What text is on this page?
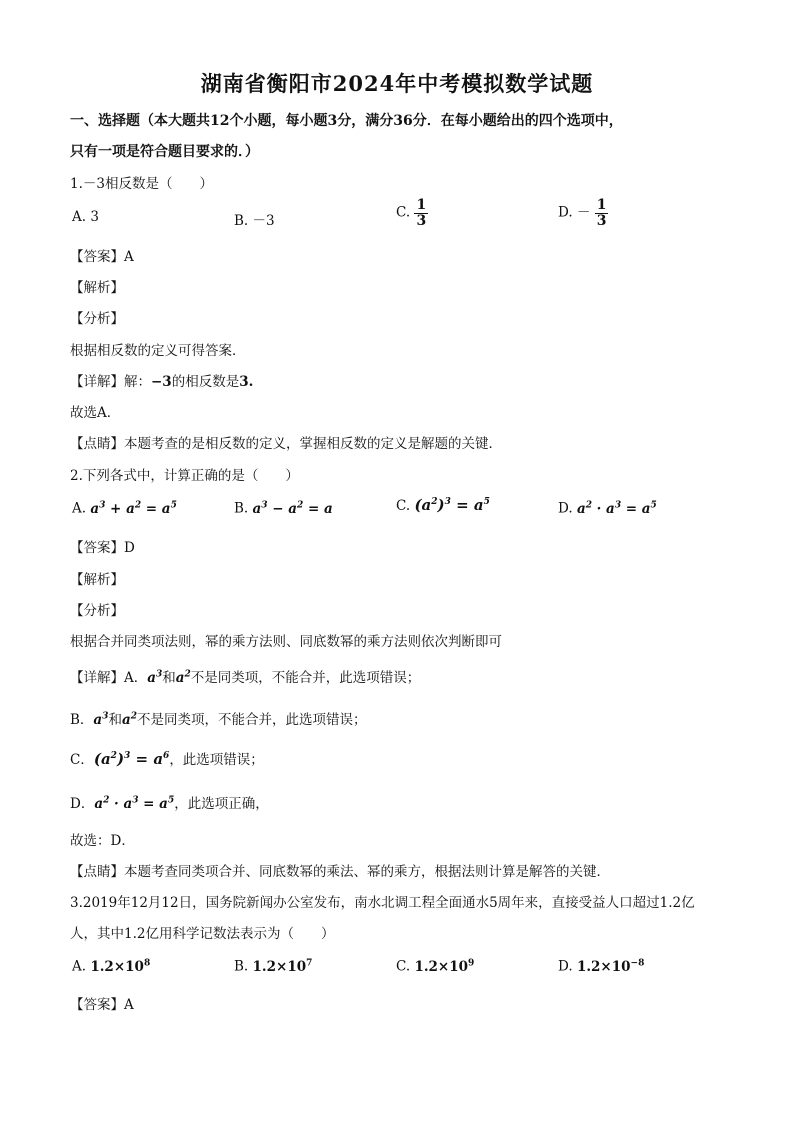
湖南省衡阳市2024年中考模拟数学试题
一、选择题（本大题共12个小题，每小题3分，满分36分．在每小题给出的四个选项中，
只有一项是符合题目要求的．）
1.－3相反数是（　　）
A. 3	B. －3
C. $\frac{1}{3}$	D. － $\frac{1}{3}$
【答案】A
【解析】
【分析】
根据相反数的定义可得答案．
【详解】解：−3的相反数是3.
故选A．
【点睛】本题考查的是相反数的定义，掌握相反数的定义是解题的关键．
2.下列各式中，计算正确的是（　　）
A. $a^3 + a^2 = a^5$	B. $a^3 - a^2 = a$	C. $(a^2)^3 = a^5$	D. $a^2 \cdot a^3 = a^5$
【答案】D
【解析】
【分析】
根据合并同类项法则，幂的乘方法则、同底数幂的乘方法则依次判断即可
【详解】A．$a^3$和$a^2$不是同类项，不能合并，此选项错误；
B．$a^3$和$a^2$不是同类项，不能合并，此选项错误；
C．$(a^2)^3 = a^6$，此选项错误；
D．$a^2 \cdot a^3 = a^5$，此选项正确，
故选：D．
【点睛】本题考查同类项合并、同底数幂的乘法、幂的乘方，根据法则计算是解答的关键．
3.2019年12月12日，国务院新闻办公室发布，南水北调工程全面通水5周年来，直接受益人口超过1.2亿
人，其中1.2亿用科学记数法表示为（　　）
A. $1.2\times 10^8$	B. $1.2\times 10^7$	C. $1.2\times 10^9$	D. $1.2\times 10^{-8}$
【答案】A
